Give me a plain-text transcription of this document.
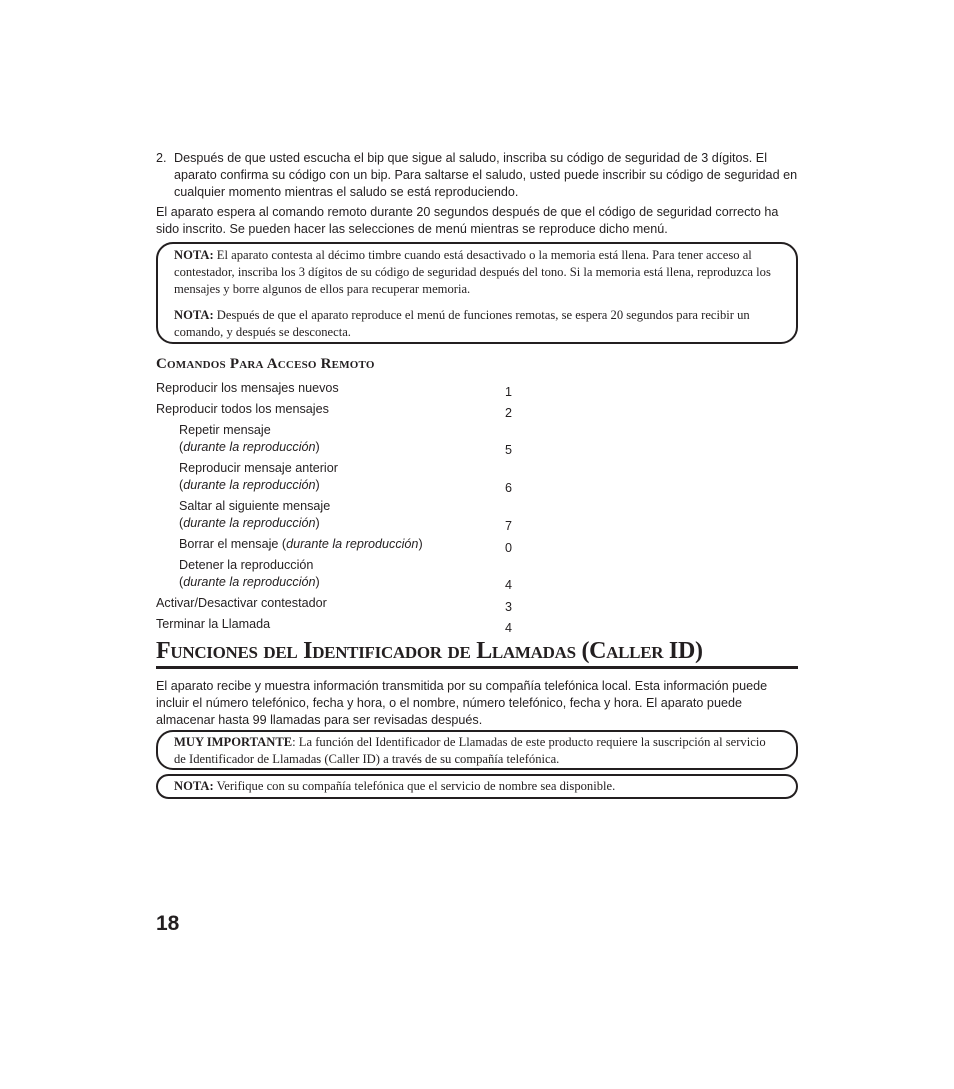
2. Después de que usted escucha el bip que sigue al saludo, inscriba su código de seguridad de 3 dígitos. El aparato confirma su código con un bip. Para saltarse el saludo, usted puede inscribir su código de seguridad en cualquier momento mientras el saludo se está reproduciendo.
El aparato espera al comando remoto durante 20 segundos después de que el código de seguridad correcto ha sido inscrito. Se pueden hacer las selecciones de menú mientras se reproduce dicho menú.

NOTA: El aparato contesta al décimo timbre cuando está desactivado o la memoria está llena. Para tener acceso al contestador, inscriba los 3 dígitos de su código de seguridad después del tono. Si la memoria está llena, reproduzca los mensajes y borre algunos de ellos para recuperar memoria.

NOTA: Después de que el aparato reproduce el menú de funciones remotas, se espera 20 segundos para recibir un comando, y después se desconecta.

Comandos Para Acceso Remoto
Reproducir los mensajes nuevos	1
Reproducir todos los mensajes	2
Repetir mensaje
(durante la reproducción)	5
Reproducir mensaje anterior
(durante la reproducción)	6
Saltar al siguiente mensaje
(durante la reproducción)	7
Borrar el mensaje (durante la reproducción)	0
Detener la reproducción
(durante la reproducción)	4
Activar/Desactivar contestador	3
Terminar la Llamada	4
Funciones del Identificador de Llamadas (Caller ID)
El aparato recibe y muestra información transmitida por su compañía telefónica local. Esta información puede incluir el número telefónico, fecha y hora, o el nombre, número telefónico, fecha y hora. El aparato puede almacenar hasta 99 llamadas para ser revisadas después.

MUY IMPORTANTE: La función del Identificador de Llamadas de este producto requiere la suscripción al servicio de Identificador de Llamadas (Caller ID) a través de su compañía telefónica.

NOTA: Verifique con su compañía telefónica que el servicio de nombre sea disponible.

18
